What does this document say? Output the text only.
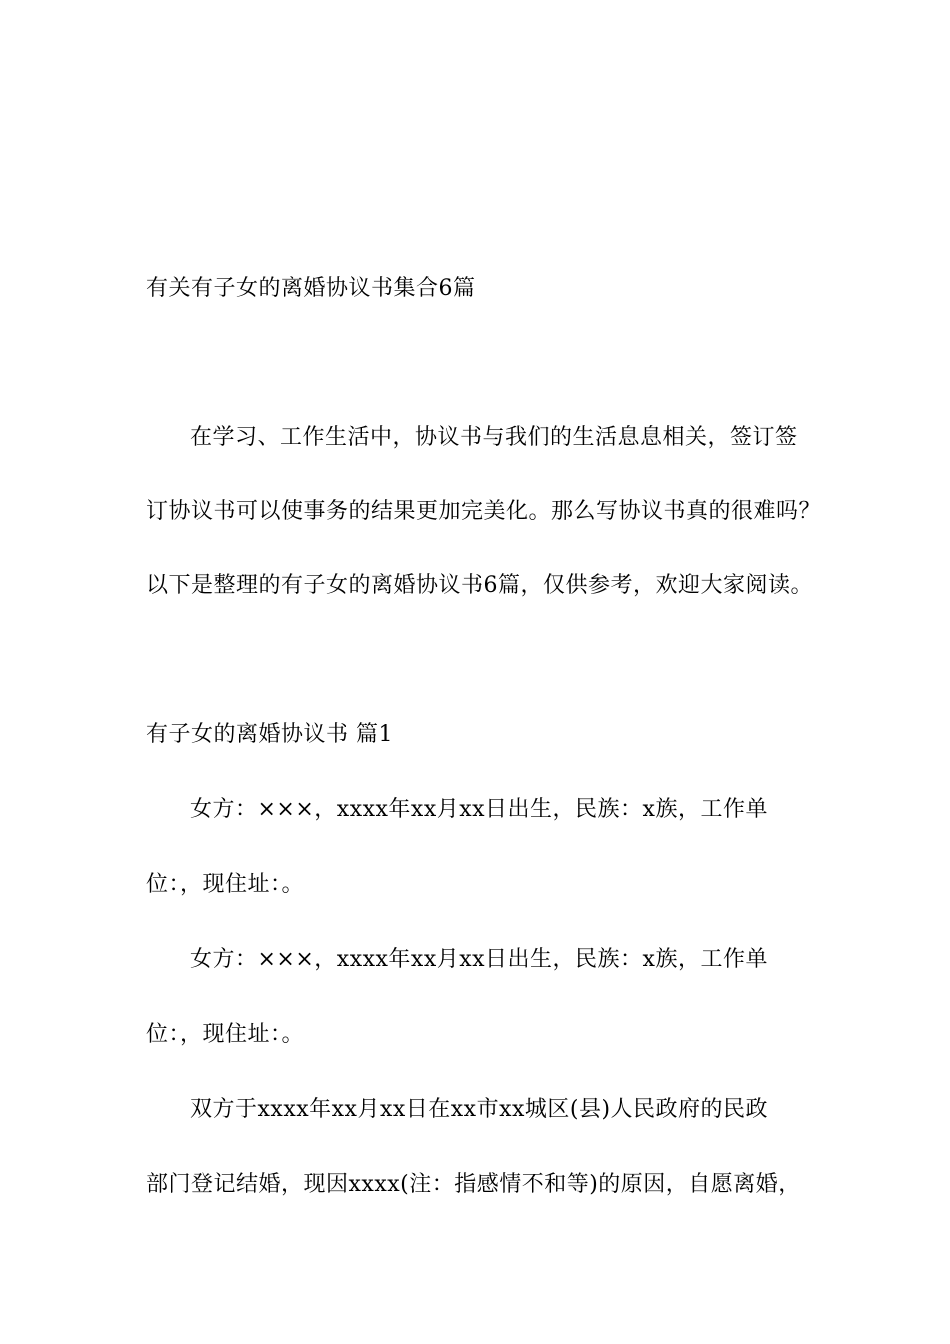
有关有子女的离婚协议书集合6篇
在学习、工作生活中，协议书与我们的生活息息相关，签订签
订协议书可以使事务的结果更加完美化。那么写协议书真的很难吗？
以下是整理的有子女的离婚协议书6篇，仅供参考，欢迎大家阅读。
有子女的离婚协议书 篇1
女方：×××，xxxx年xx月xx日出生，民族：x族，工作单
位：，现住址：。
女方：×××，xxxx年xx月xx日出生，民族：x族，工作单
位：，现住址：。
双方于xxxx年xx月xx日在xx市xx城区(县)人民政府的民政
部门登记结婚，现因xxxx(注：指感情不和等)的原因，自愿离婚，
